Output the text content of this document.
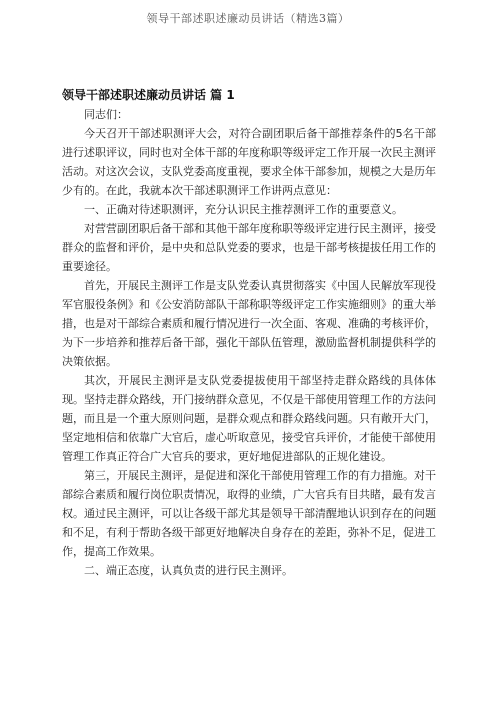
领导干部述职述廉动员讲话（精选3篇）

领导干部述职述廉动员讲话 篇 1

同志们：

今天召开干部述职测评大会，对符合副团职后备干部推荐条件的5名干部进行述职评议，同时也对全体干部的年度称职等级评定工作开展一次民主测评活动。对这次会议，支队党委高度重视，要求全体干部参加，规模之大是历年少有的。在此，我就本次干部述职测评工作讲两点意见：

一、正确对待述职测评，充分认识民主推荐测评工作的重要意义。

对营营副团职后备干部和其他干部年度称职等级评定进行民主测评，接受群众的监督和评价，是中央和总队党委的要求，也是干部考核提拔任用工作的重要途径。

首先，开展民主测评工作是支队党委认真贯彻落实《中国人民解放军现役军官服役条例》和《公安消防部队干部称职等级评定工作实施细则》的重大举措，也是对干部综合素质和履行情况进行一次全面、客观、准确的考核评价，为下一步培养和推荐后备干部，强化干部队伍管理，激励监督机制提供科学的决策依据。

其次，开展民主测评是支队党委提拔使用干部坚持走群众路线的具体体现。坚持走群众路线，开门接纳群众意见，不仅是干部使用管理工作的方法问题，而且是一个重大原则问题，是群众观点和群众路线问题。只有敞开大门，坚定地相信和依靠广大官后，虚心听取意见，接受官兵评价，才能使干部使用管理工作真正符合广大官兵的要求，更好地促进部队的正规化建设。

第三，开展民主测评，是促进和深化干部使用管理工作的有力措施。对干部综合素质和履行岗位职责情况，取得的业绩，广大官兵有目共睹，最有发言权。通过民主测评，可以让各级干部尤其是领导干部清醒地认识到存在的问题和不足，有利于帮助各级干部更好地解决自身存在的差距，弥补不足，促进工作，提高工作效果。

二、端正态度，认真负责的进行民主测评。
